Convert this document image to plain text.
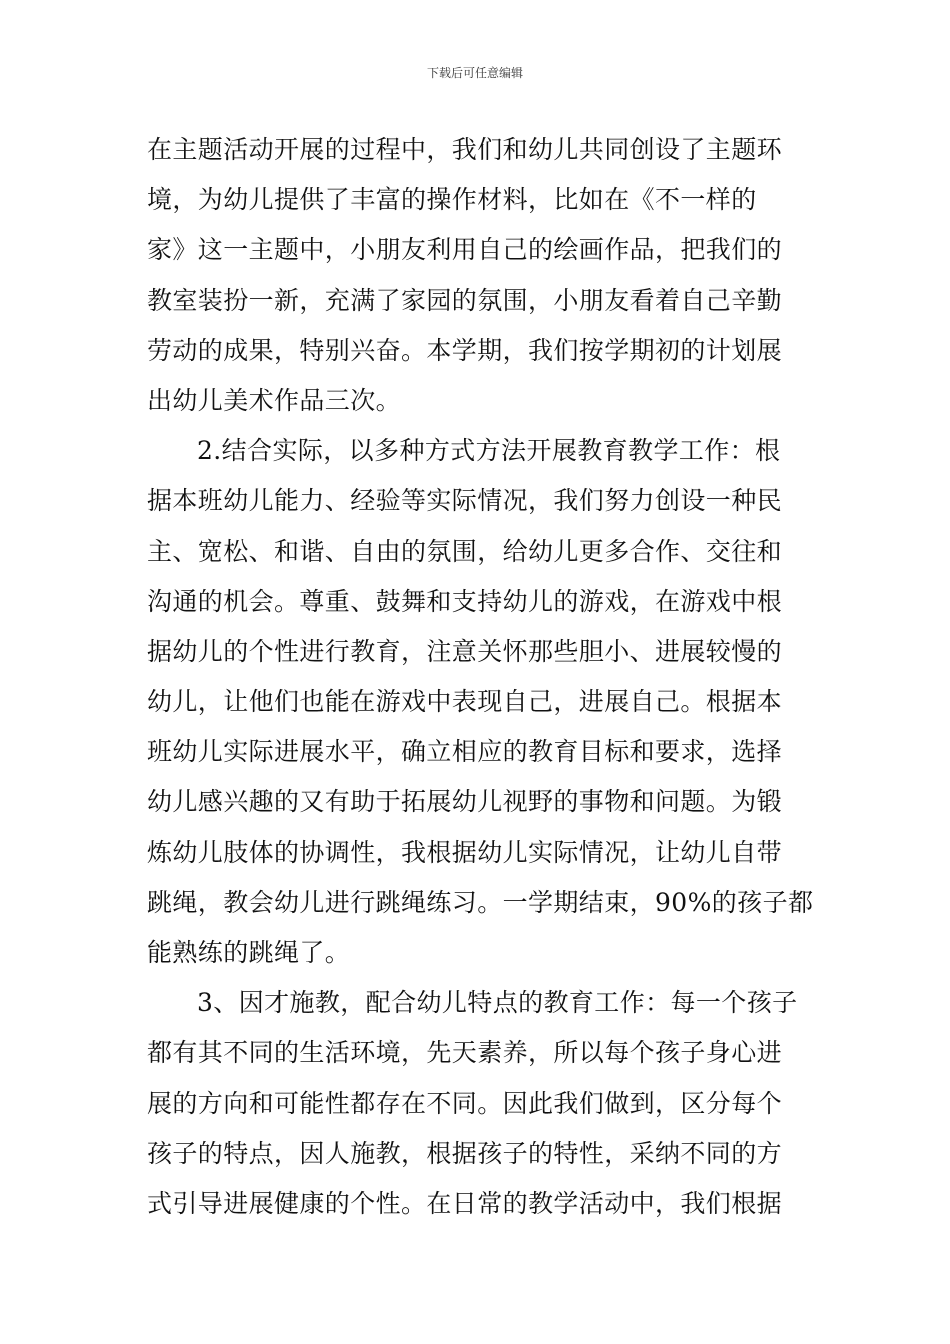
下载后可任意编辑
在主题活动开展的过程中，我们和幼儿共同创设了主题环
境，为幼儿提供了丰富的操作材料，比如在《不一样的
家》这一主题中，小朋友利用自己的绘画作品，把我们的
教室装扮一新，充满了家园的氛围，小朋友看着自己辛勤
劳动的成果，特别兴奋。本学期，我们按学期初的计划展
出幼儿美术作品三次。
2.结合实际，以多种方式方法开展教育教学工作：根
据本班幼儿能力、经验等实际情况，我们努力创设一种民
主、宽松、和谐、自由的氛围，给幼儿更多合作、交往和
沟通的机会。尊重、鼓舞和支持幼儿的游戏，在游戏中根
据幼儿的个性进行教育，注意关怀那些胆小、进展较慢的
幼儿，让他们也能在游戏中表现自己，进展自己。根据本
班幼儿实际进展水平，确立相应的教育目标和要求，选择
幼儿感兴趣的又有助于拓展幼儿视野的事物和问题。为锻
炼幼儿肢体的协调性，我根据幼儿实际情况，让幼儿自带
跳绳，教会幼儿进行跳绳练习。一学期结束，90%的孩子都
能熟练的跳绳了。
3、因才施教，配合幼儿特点的教育工作：每一个孩子
都有其不同的生活环境，先天素养，所以每个孩子身心进
展的方向和可能性都存在不同。因此我们做到，区分每个
孩子的特点，因人施教，根据孩子的特性，采纳不同的方
式引导进展健康的个性。在日常的教学活动中，我们根据
